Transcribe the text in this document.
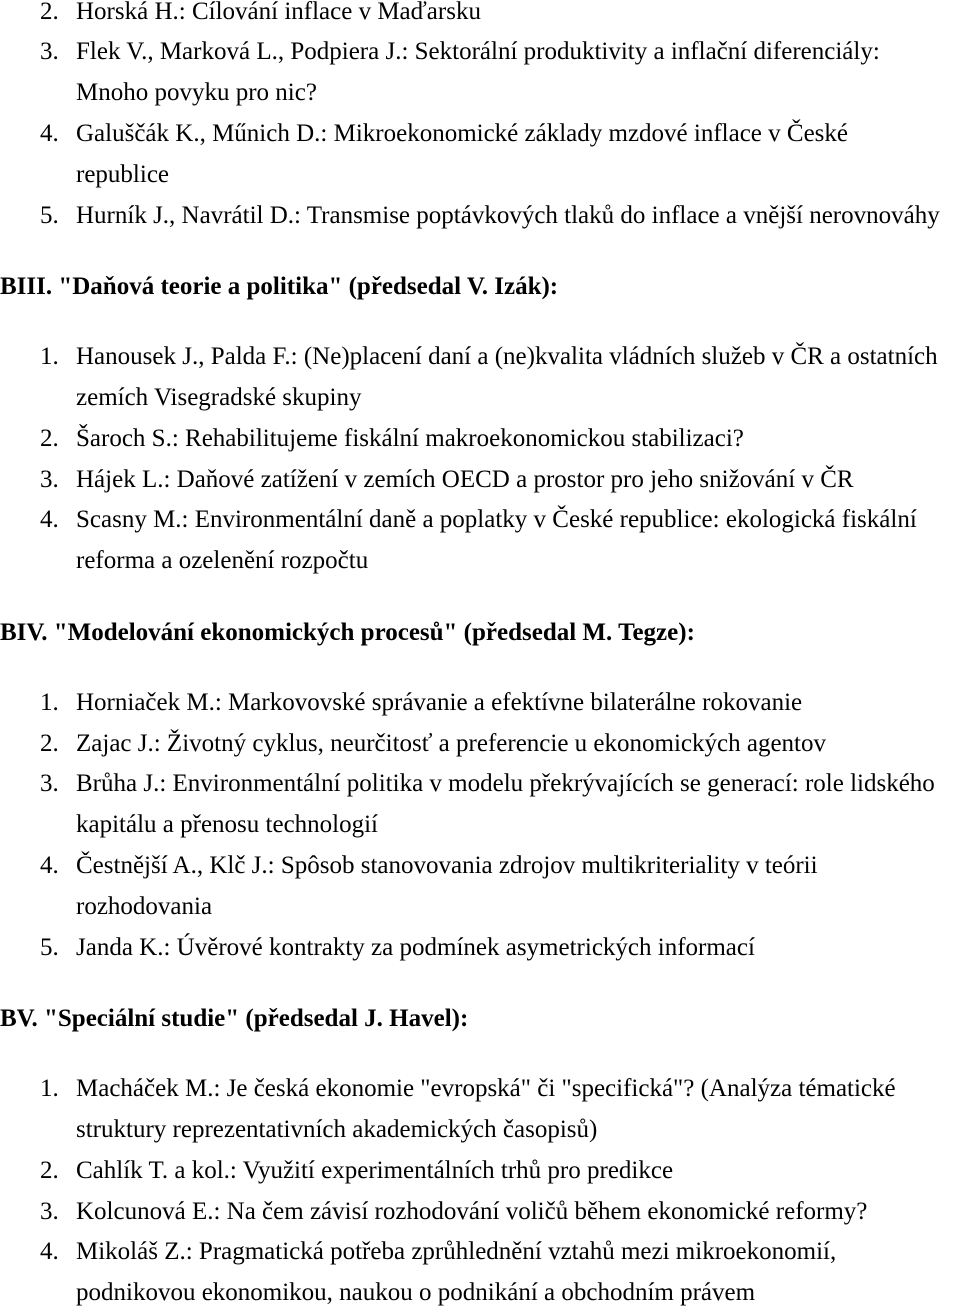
2. Horská H.: Cílování inflace v Maďarsku
3. Flek V., Marková L., Podpiera J.: Sektorální produktivity a inflační diferenciály:
Mnoho povyku pro nic?
4. Galuščák K., Műnich D.: Mikroekonomické základy mzdové inflace v České
republice
5. Hurník J., Navrátil D.: Transmise poptávkových tlaků do inflace a vnější nerovnováhy
BIII. "Daňová teorie a politika" (předsedal V. Izák):
1. Hanousek J., Palda F.: (Ne)placení daní a (ne)kvalita vládních služeb v ČR a ostatních
zemích Visegradské skupiny
2. Šaroch S.: Rehabilitujeme fiskální makroekonomickou stabilizaci?
3. Hájek L.: Daňové zatížení v zemích OECD a prostor pro jeho snižování v ČR
4. Scasny M.: Environmentální daně a poplatky v České republice: ekologická fiskální
reforma a ozelenění rozpočtu
BIV. "Modelování ekonomických procesů" (předsedal M. Tegze):
1. Horniaček M.: Markovovské správanie a efektívne bilaterálne rokovanie
2. Zajac J.: Životný cyklus, neurčitosť a preferencie u ekonomických agentov
3. Brůha J.: Environmentální politika v modelu překrývajících se generací: role lidského
kapitálu a přenosu technologií
4. Čestnější A., Klč J.: Spôsob stanovovania zdrojov multikriteriality v teórii
rozhodovania
5. Janda K.: Úvěrové kontrakty za podmínek asymetrických informací
BV. "Speciální studie" (předsedal J. Havel):
1. Macháček M.: Je česká ekonomie "evropská" či "specifická"? (Analýza tématické
struktury reprezentativních akademických časopisů)
2. Cahlík T. a kol.: Využití experimentálních trhů pro predikce
3. Kolcunová E.: Na čem závisí rozhodování voličů během ekonomické reformy?
4. Mikoláš Z.: Pragmatická potřeba zprůhlednění vztahů mezi mikroekonomií,
podnikovou ekonomikou, naukou o podnikání a obchodním právem
